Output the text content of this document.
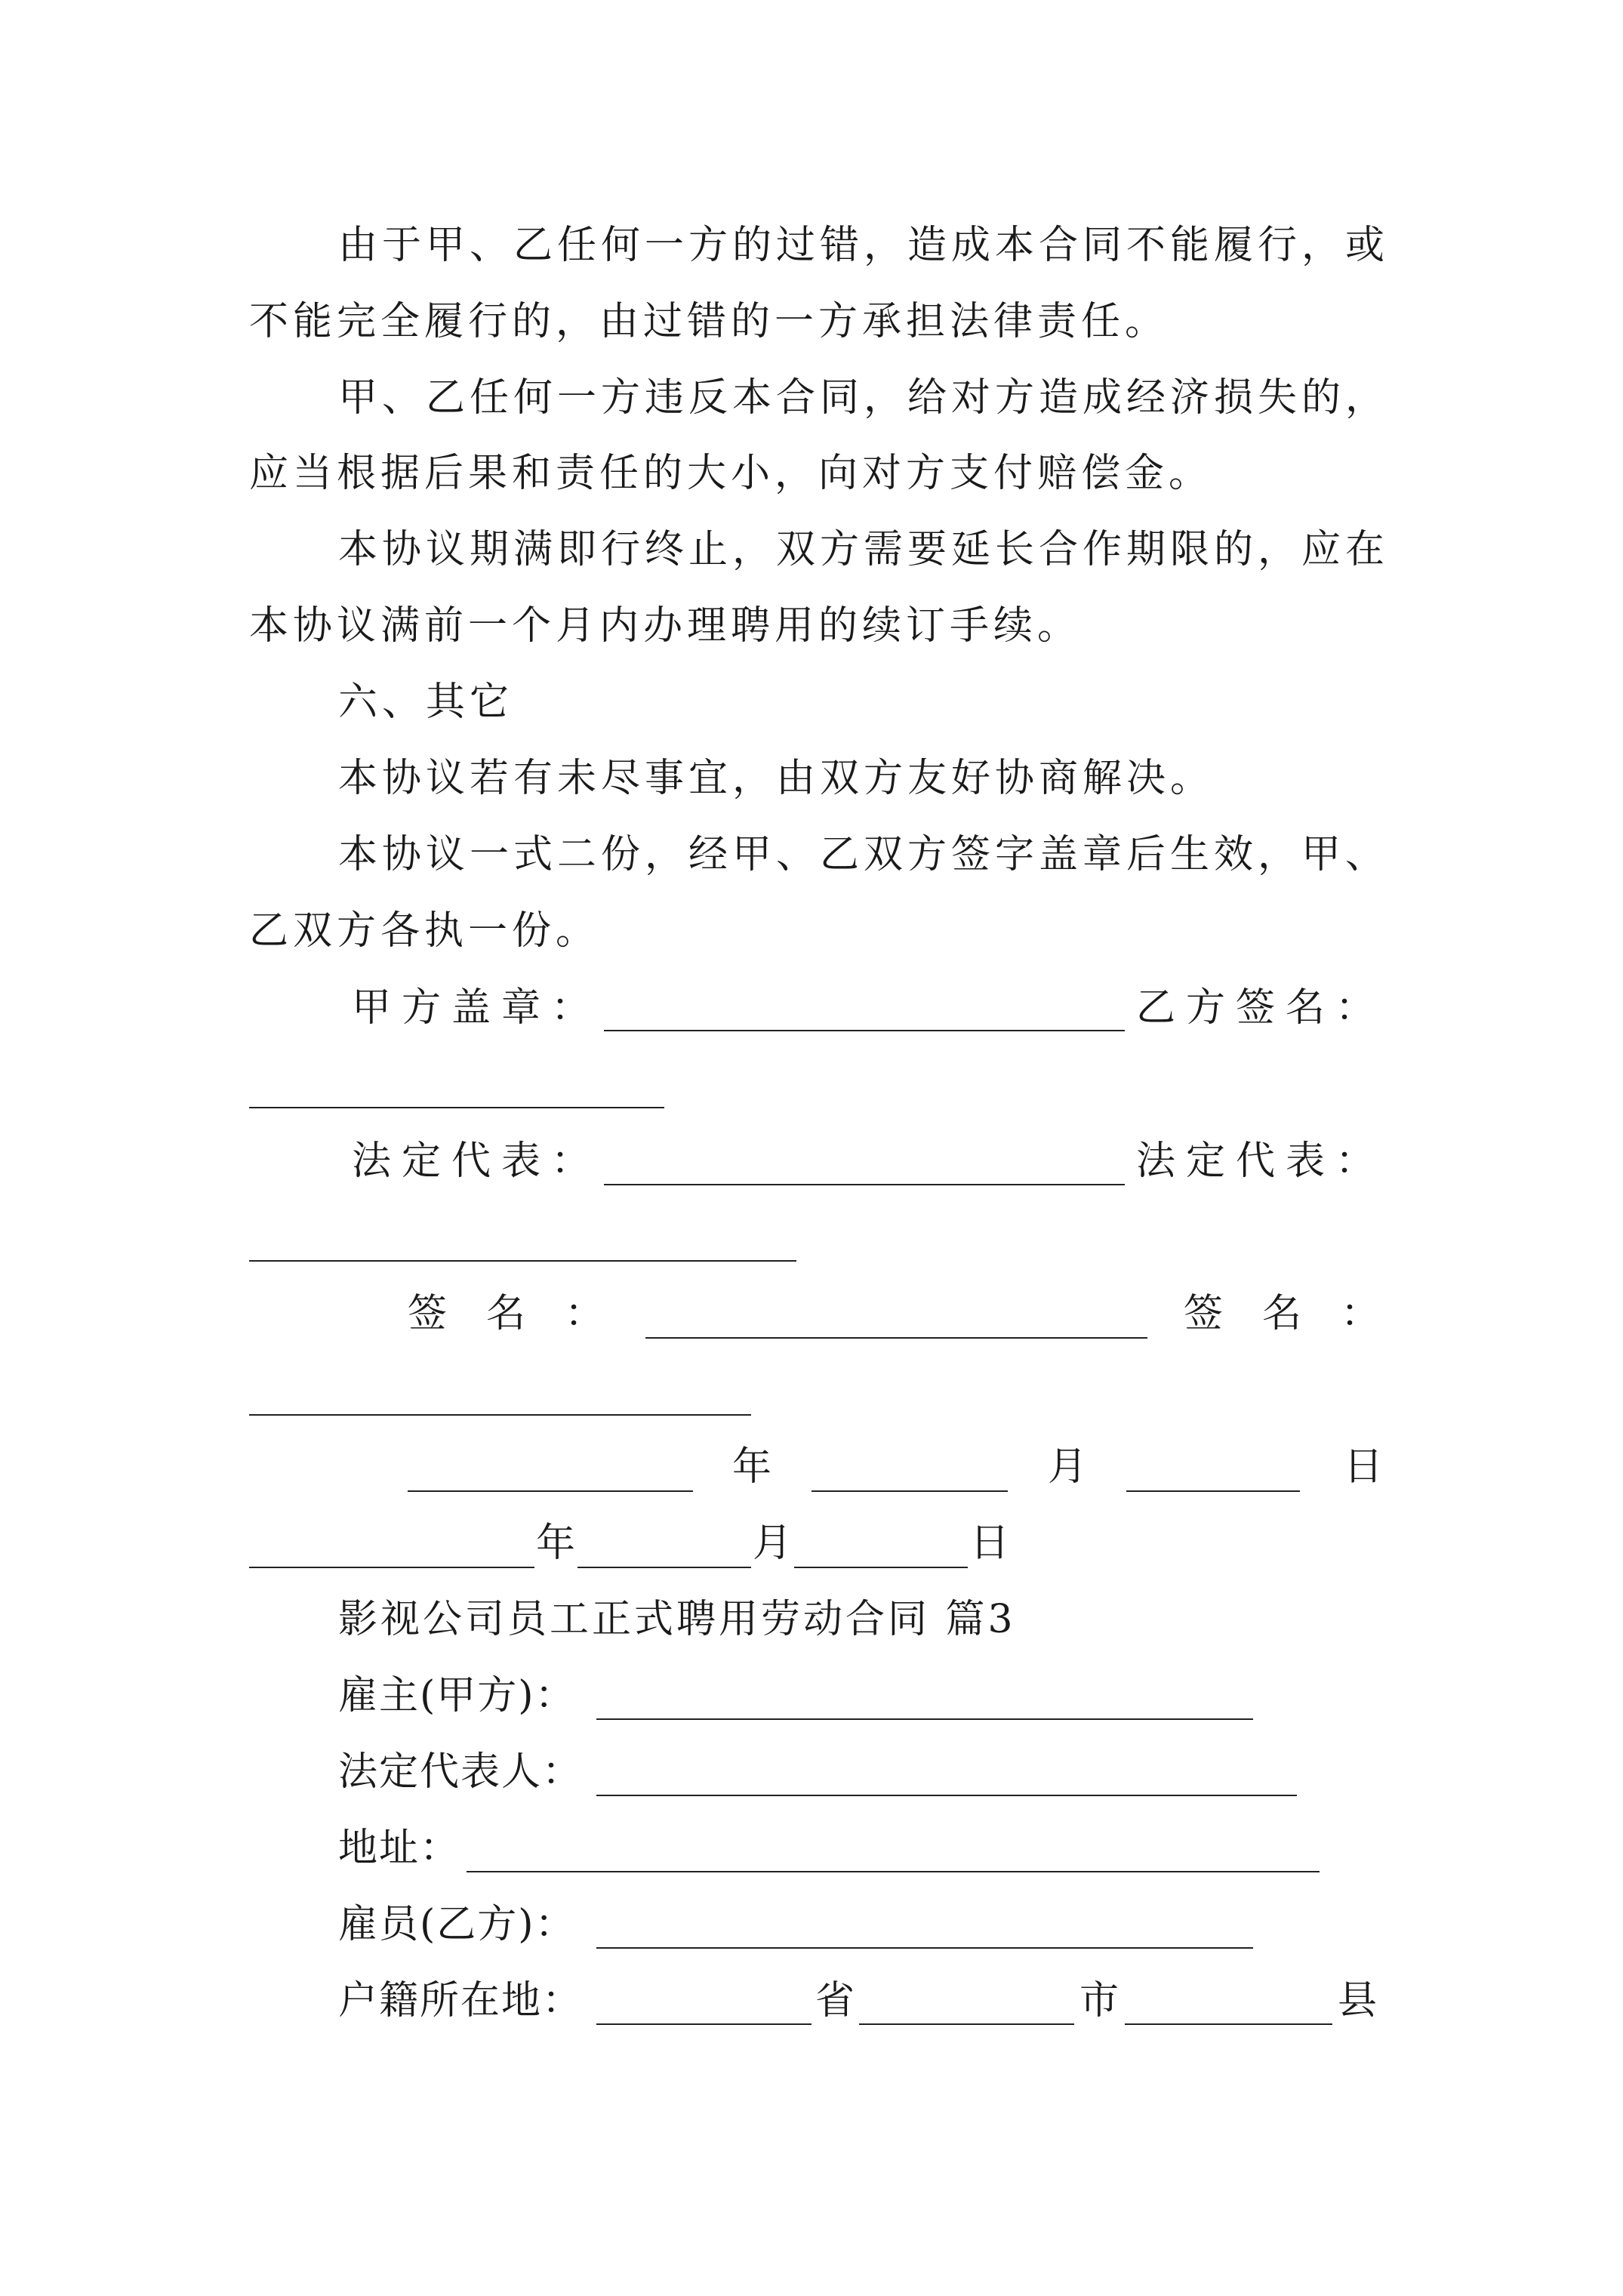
由于甲、乙任何一方的过错，造成本合同不能履行，或
不能完全履行的，由过错的一方承担法律责任。
甲、乙任何一方违反本合同，给对方造成经济损失的，
应当根据后果和责任的大小，向对方支付赔偿金。
本协议期满即行终止，双方需要延长合作期限的，应在
本协议满前一个月内办理聘用的续订手续。
六、其它
本协议若有未尽事宜，由双方友好协商解决。
本协议一式二份，经甲、乙双方签字盖章后生效，甲、
乙双方各执一份。
甲方盖章：	乙方签名：
法定代表：	法定代表：
签名：	签名：
年	月	日
年	月	日
影视公司员工正式聘用劳动合同 篇3
雇主(甲方)：
法定代表人：
地址：
雇员(乙方)：
户籍所在地：	省	市	县
